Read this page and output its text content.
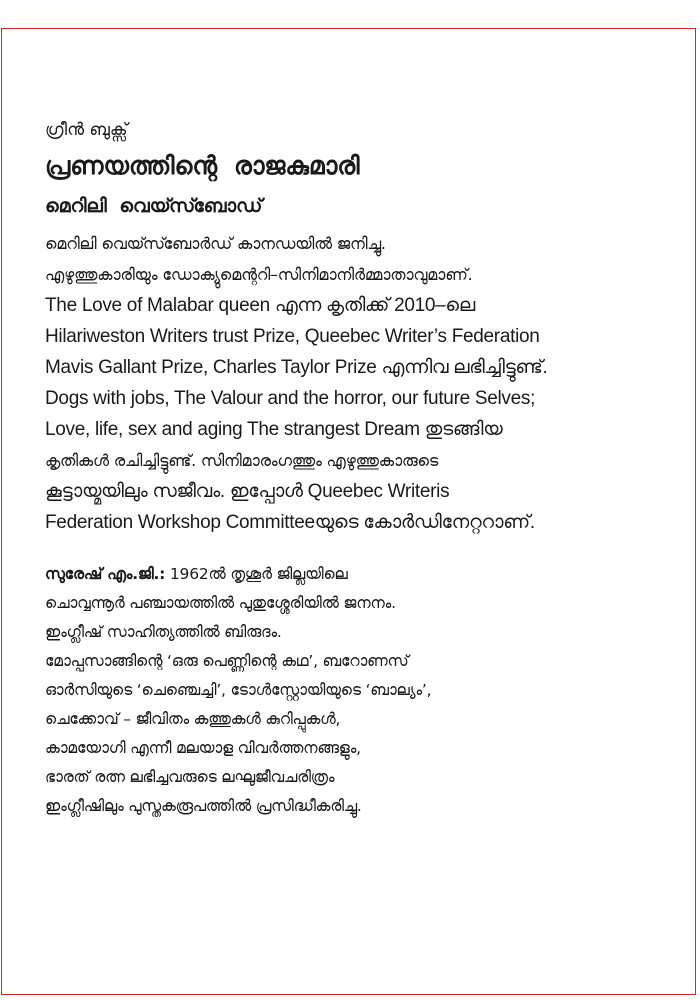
ഗ്രീൻ ബുക്സ്
പ്രണയത്തിന്റെ രാജകുമാരി
മെറിലി വെയ്സ്ബോഡ്
മെറിലി വെയ്സ്ബോർഡ് കാനഡയിൽ ജനിച്ചു.
എഴുത്തുകാരിയും ഡോക്യുമെന്ററി–സിനിമാനിർമ്മാതാവുമാണ്.
The Love of Malabar queen എന്ന കൃതിക്ക് 2010–ലെ
Hilariweston Writers trust Prize, Queebec Writer’s Federation
Mavis Gallant Prize, Charles Taylor Prize എന്നിവ ലഭിച്ചിട്ടുണ്ട്.
Dogs with jobs, The Valour and the horror, our future Selves;
Love, life, sex and aging The strangest Dream തുടങ്ങിയ
കൃതികൾ രചിച്ചിട്ടുണ്ട്. സിനിമാരംഗത്തും എഴുത്തുകാരുടെ
കൂട്ടായ്മയിലും സജീവം. ഇപ്പോൾ Queebec Writeris
Federation Workshop Committeeയുടെ കോർഡിനേറ്ററാണ്.
സുരേഷ് എം.ജി.: 1962ൽ തൃശൂർ ജില്ലയിലെ
ചൊവ്വന്നൂർ പഞ്ചായത്തിൽ പുതുശ്ശേരിയിൽ ജനനം.
ഇംഗ്ലീഷ് സാഹിത്യത്തിൽ ബിരുദം.
മോപ്പസാങ്ങിന്റെ ‘ഒരു പെണ്ണിന്റെ കഥ’, ബറോണസ്
ഓർസിയുടെ ‘ചെഞ്ചെച്ചി’, ടോൾസ്റ്റോയിയുടെ ‘ബാല്യം’,
ചെക്കോവ് – ജീവിതം കത്തുകൾ കുറിപ്പുകൾ,
കാമയോഗി എന്നീ മലയാള വിവർത്തനങ്ങളും,
ഭാരത് രത്ന ലഭിച്ചവരുടെ ലഘുജീവചരിത്രം
ഇംഗ്ലീഷിലും പുസ്തകരൂപത്തിൽ പ്രസിദ്ധീകരിച്ചു.
